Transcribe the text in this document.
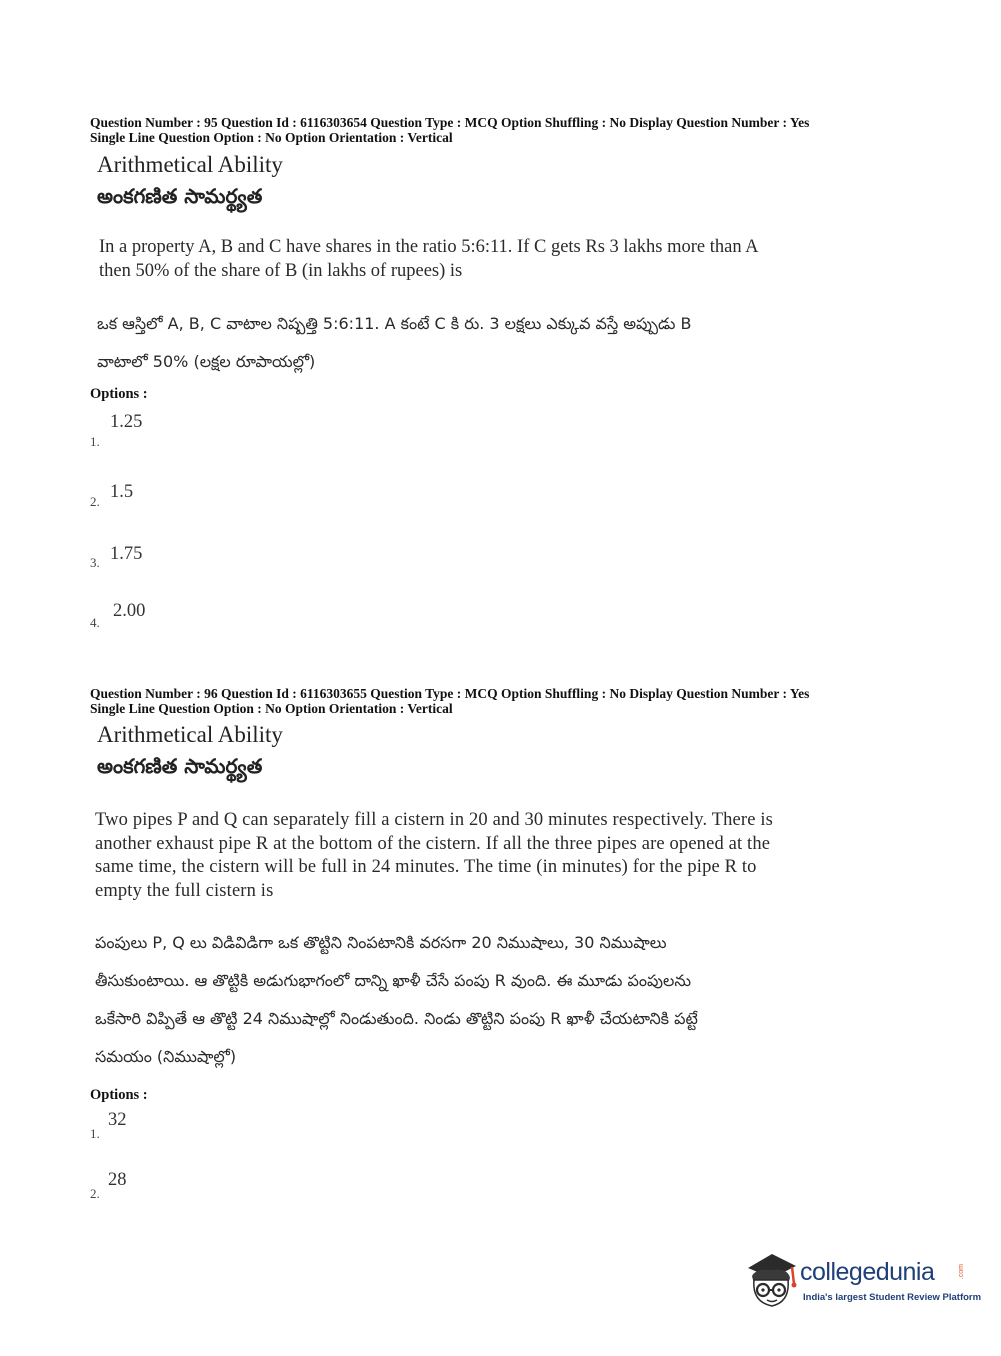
Question Number : 95 Question Id : 6116303654 Question Type : MCQ Option Shuffling : No Display Question Number : Yes
Single Line Question Option : No Option Orientation : Vertical
Arithmetical Ability
అంకగణిత సామర్థ్యత
In a property A, B and C have shares in the ratio 5:6:11. If C gets Rs 3 lakhs more than A
then 50% of the share of B (in lakhs of rupees) is
ఒక ఆస్తిలో A, B, C వాటాల నిష్పత్తి 5:6:11. A కంటే C కి రు. 3 లక్షలు ఎక్కువ వస్తే అప్పుడు B
వాటాలో 50% (లక్షల రూపాయల్లో)
Options :
1.
1.25
2. 1.5
3. 1.75
4.
2.00
Question Number : 96 Question Id : 6116303655 Question Type : MCQ Option Shuffling : No Display Question Number : Yes
Single Line Question Option : No Option Orientation : Vertical
Arithmetical Ability
అంకగణిత సామర్థ్యత
Two pipes P and Q can separately fill a cistern in 20 and 30 minutes respectively. There is
another exhaust pipe R at the bottom of the cistern. If all the three pipes are opened at the
same time, the cistern will be full in 24 minutes. The time (in minutes) for the pipe R to
empty the full cistern is
పంపులు P, Q లు విడివిడిగా ఒక తొట్టిని నింపటానికి వరసగా 20 నిముషాలు, 30 నిముషాలు
తీసుకుంటాయి. ఆ తొట్టికి అడుగుభాగంలో దాన్ని ఖాళీ చేసే పంపు R వుంది. ఈ మూడు పంపులను
ఒకేసారి విప్పితే ఆ తొట్టి 24 నిముషాల్లో నిండుతుంది. నిండు తొట్టిని పంపు R ఖాళీ చేయటానికి పట్టే
సమయం (నిముషాల్లో)
Options :
1.
32
2.
28
collegedunia	.com
India's largest Student Review Platform
